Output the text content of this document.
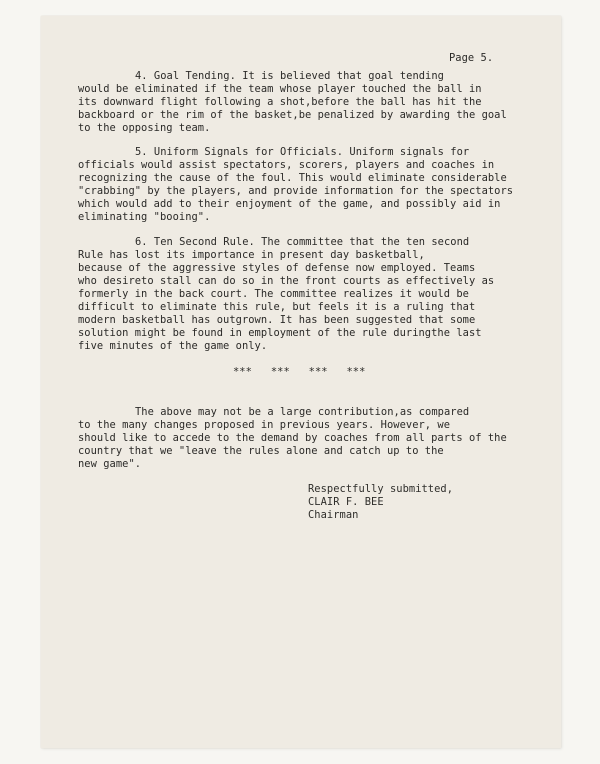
Page 5.
4. Goal Tending. It is believed that goal tending
would be eliminated if the team whose player touched the ball in
its downward flight following a shot,before the ball has hit the
backboard or the rim of the basket,be penalized by awarding the goal
to the opposing team.
5. Uniform Signals for Officials. Uniform signals for
officials would assist spectators, scorers, players and coaches in
recognizing the cause of the foul. This would eliminate considerable
"crabbing" by the players, and provide information for the spectators
which would add to their enjoyment of the game, and possibly aid in
eliminating "booing".
6. Ten Second Rule. The committee that the ten second
Rule has lost its importance in present day basketball,
because of the aggressive styles of defense now employed. Teams
who desireto stall can do so in the front courts as effectively as
formerly in the back court. The committee realizes it would be
difficult to eliminate this rule, but feels it is a ruling that
modern basketball has outgrown. It has been suggested that some
solution might be found in employment of the rule duringthe last
five minutes of the game only.
***   ***   ***   ***
The above may not be a large contribution,as compared
to the many changes proposed in previous years. However, we
should like to accede to the demand by coaches from all parts of the
country that we "leave the rules alone and catch up to the
new game".
Respectfully submitted,
CLAIR F. BEE
Chairman
